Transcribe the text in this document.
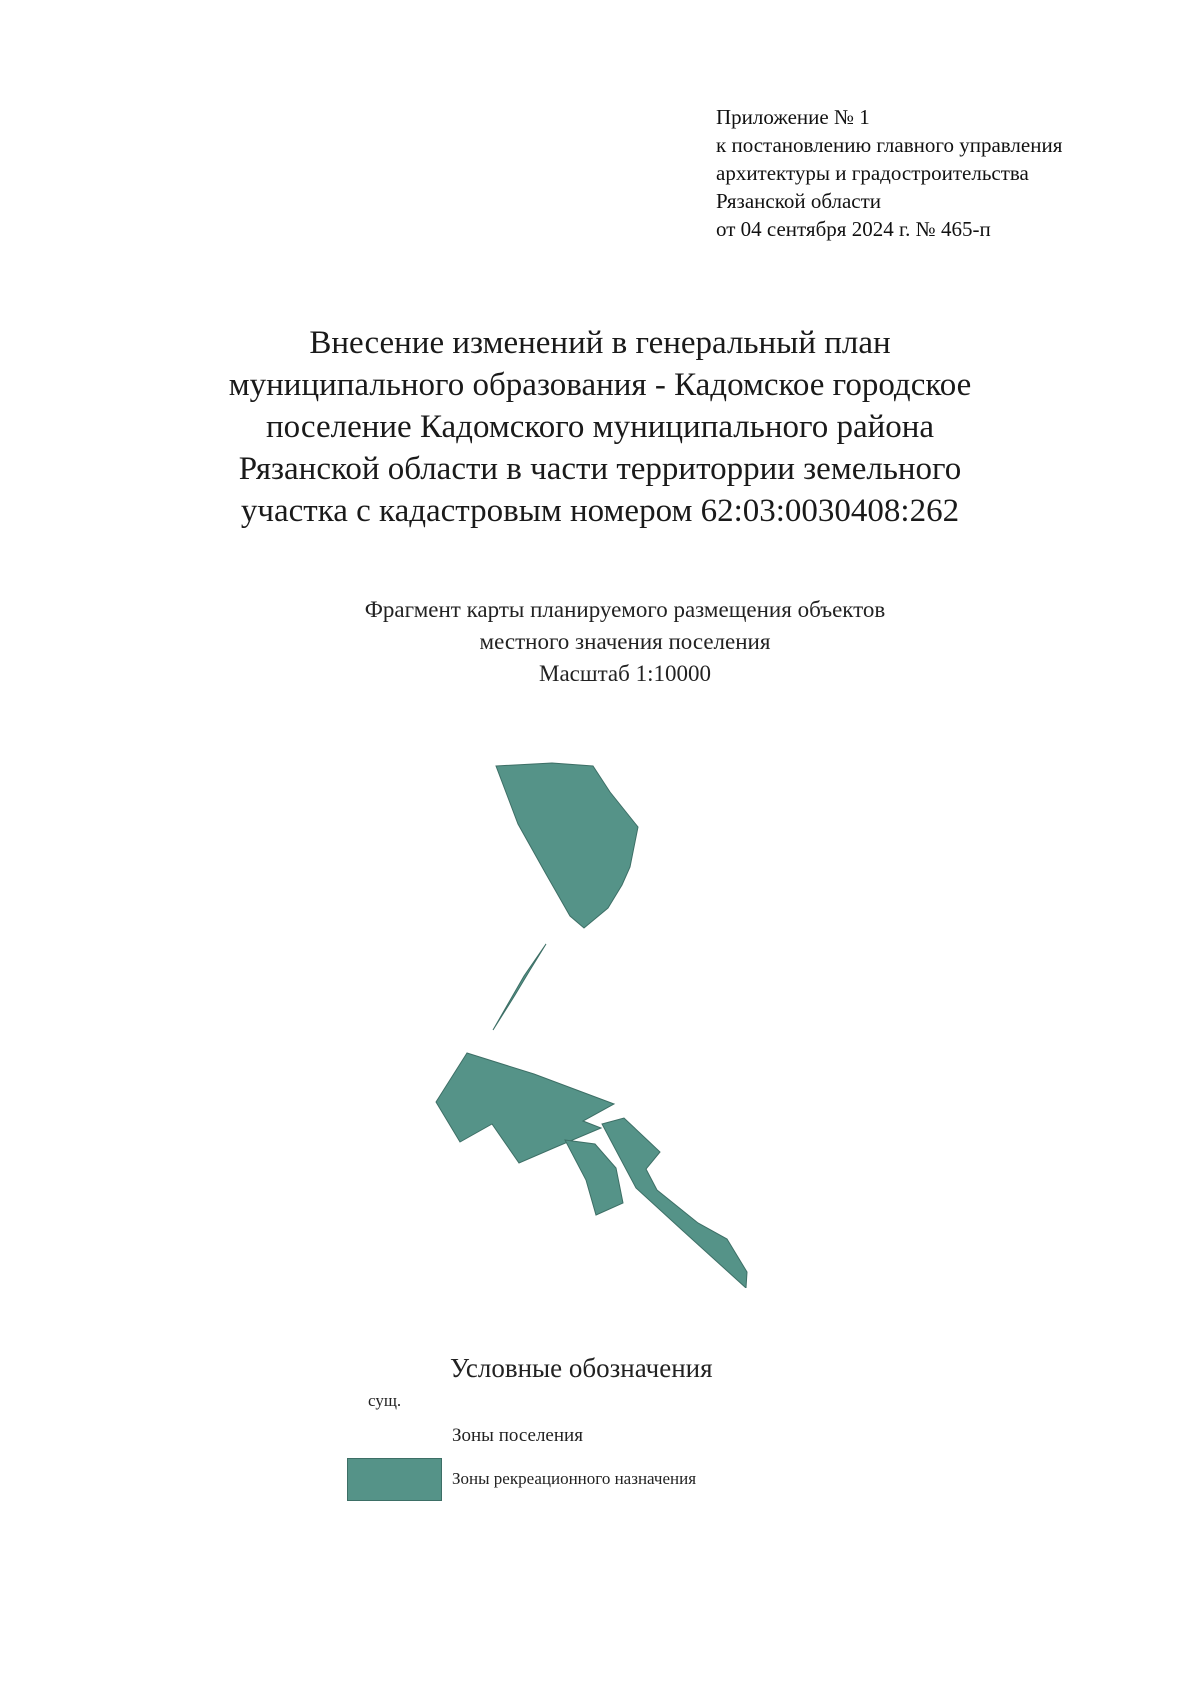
Приложение № 1
к постановлению главного управления
архитектуры и градостроительства
Рязанской области
от 04 сентября 2024 г. № 465-п
Внесение изменений в генеральный план
муниципального образования - Кадомское городское
поселение Кадомского муниципального района
Рязанской области в части территоррии земельного
участка с кадастровым номером 62:03:0030408:262
Фрагмент карты планируемого размещения объектов
местного значения поселения
Масштаб 1:10000
Условные обозначения
сущ.
Зоны поселения
Зоны рекреационного назначения
